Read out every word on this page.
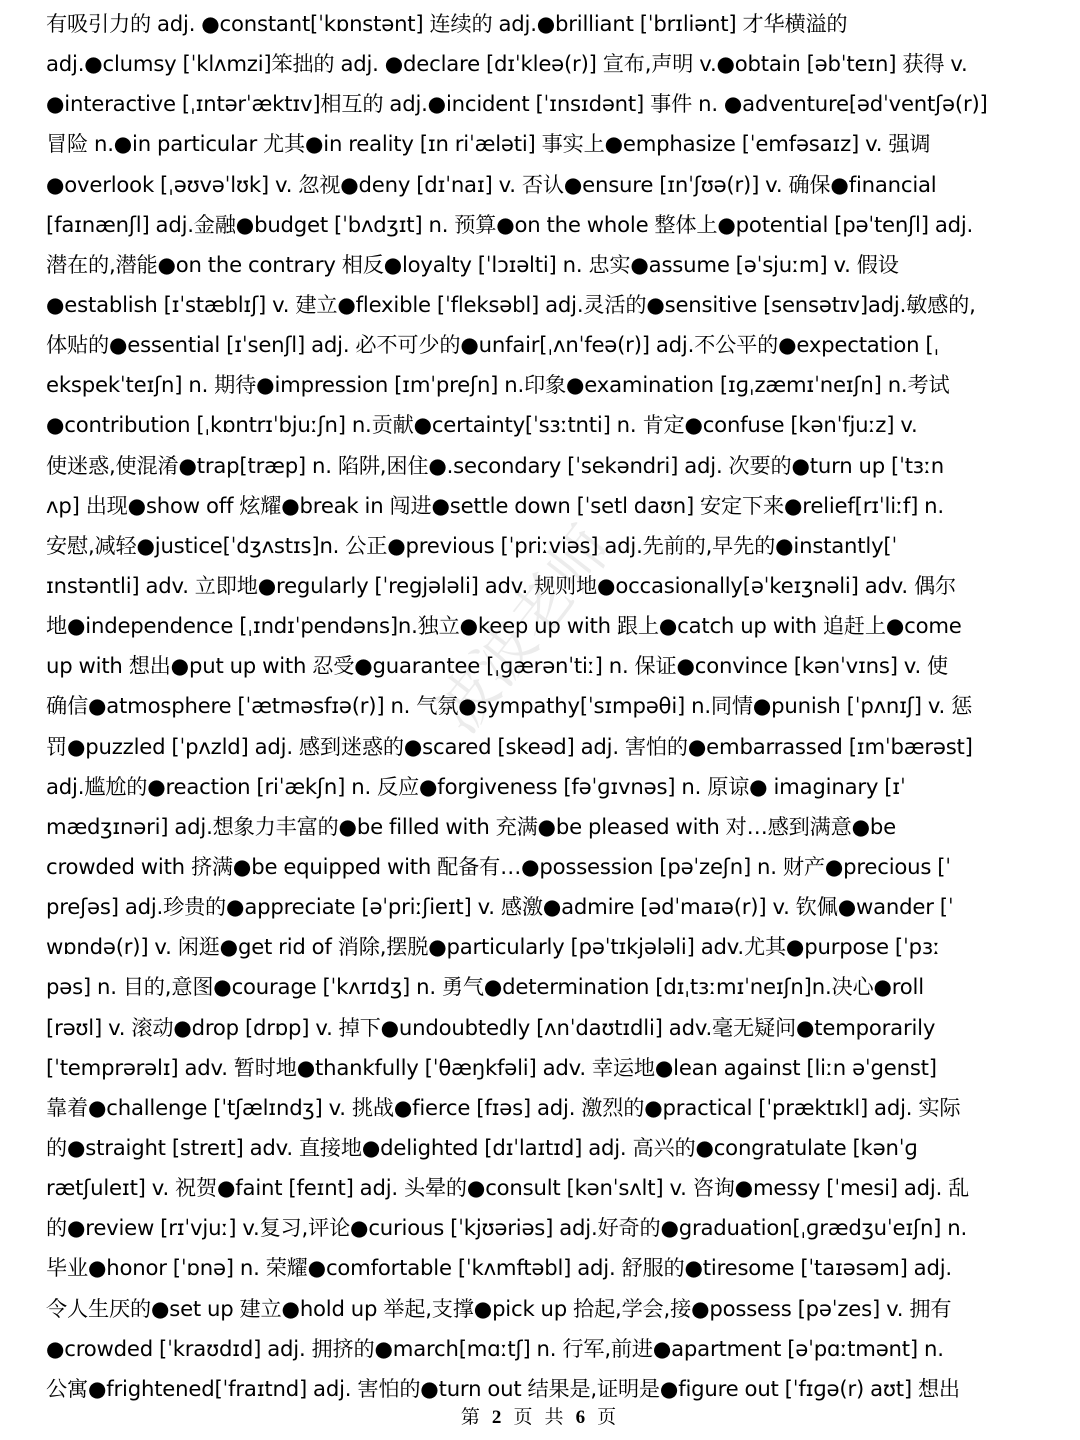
有吸引力的 adj. ●constant[ˈkɒnstənt] 连续的 adj.●brilliant [ˈbrɪliənt] 才华横溢的
adj.●clumsy [ˈklʌmzi]笨拙的 adj. ●declare [dɪˈkleə(r)] 宣布,声明 v.●obtain [əbˈteɪn] 获得 v.
●interactive [ˌɪntərˈæktɪv]相互的 adj.●incident [ˈɪnsɪdənt] 事件 n. ●adventure[ədˈventʃə(r)]
冒险 n.●in particular 尤其●in reality [ɪn riˈæləti] 事实上●emphasize [ˈemfəsaɪz] v. 强调
●overlook [ˌəʊvəˈlʊk] v. 忽视●deny [dɪˈnaɪ] v. 否认●ensure [ɪnˈʃʊə(r)] v. 确保●financial
[faɪnænʃl] adj.金融●budget [ˈbʌdʒɪt] n. 预算●on the whole 整体上●potential [pəˈtenʃl] adj.
潜在的,潜能●on the contrary 相反●loyalty [ˈlɔɪəlti] n. 忠实●assume [əˈsjuːm] v. 假设
●establish [ɪˈstæblɪʃ] v. 建立●flexible [ˈfleksəbl] adj.灵活的●sensitive [sensətɪv]adj.敏感的,
体贴的●essential [ɪˈsenʃl] adj. 必不可少的●unfair[ˌʌnˈfeə(r)] adj.不公平的●expectation [ˌ
ekspekˈteɪʃn] n. 期待●impression [ɪmˈpreʃn] n.印象●examination [ɪɡˌzæmɪˈneɪʃn] n.考试
●contribution [ˌkɒntrɪˈbjuːʃn] n.贡献●certainty[ˈsɜːtnti] n. 肯定●confuse [kənˈfjuːz] v.
使迷惑,使混淆●trap[træp] n. 陷阱,困住●.secondary [ˈsekəndri] adj. 次要的●turn up [ˈtɜːn
ʌp] 出现●show off 炫耀●break in 闯进●settle down [ˈsetl daʊn] 安定下来●relief[rɪˈliːf] n.
安慰,减轻●justice[ˈdʒʌstɪs]n. 公正●previous [ˈpriːviəs] adj.先前的,早先的●instantly[ˈ
ɪnstəntli] adv. 立即地●regularly [ˈregjələli] adv. 规则地●occasionally[əˈkeɪʒnəli] adv. 偶尔
地●independence [ˌɪndɪˈpendəns]n.独立●keep up with 跟上●catch up with 追赶上●come
up with 想出●put up with 忍受●guarantee [ˌɡærənˈtiː] n. 保证●convince [kənˈvɪns] v. 使
确信●atmosphere [ˈætməsfɪə(r)] n. 气氛●sympathy[ˈsɪmpəθi] n.同情●punish [ˈpʌnɪʃ] v. 惩
罚●puzzled [ˈpʌzld] adj. 感到迷惑的●scared [skeəd] adj. 害怕的●embarrassed [ɪmˈbærəst]
adj.尴尬的●reaction [riˈækʃn] n. 反应●forgiveness [fəˈɡɪvnəs] n. 原谅● imaginary [ɪˈ
mædʒɪnəri] adj.想象力丰富的●be filled with 充满●be pleased with 对…感到满意●be
crowded with 挤满●be equipped with 配备有…●possession [pəˈzeʃn] n. 财产●precious [ˈ
preʃəs] adj.珍贵的●appreciate [əˈpriːʃieɪt] v. 感激●admire [ədˈmaɪə(r)] v. 钦佩●wander [ˈ
wɒndə(r)] v. 闲逛●get rid of 消除,摆脱●particularly [pəˈtɪkjələli] adv.尤其●purpose [ˈpɜː
pəs] n. 目的,意图●courage [ˈkʌrɪdʒ] n. 勇气●determination [dɪˌtɜːmɪˈneɪʃn]n.决心●roll
[rəʊl] v. 滚动●drop [drɒp] v. 掉下●undoubtedly [ʌnˈdaʊtɪdli] adv.毫无疑问●temporarily
[ˈtemprərəlɪ] adv. 暂时地●thankfully [ˈθæŋkfəli] adv. 幸运地●lean against [liːn əˈgenst]
靠着●challenge [ˈtʃælɪndʒ] v. 挑战●fierce [fɪəs] adj. 激烈的●practical [ˈpræktɪkl] adj. 实际
的●straight [streɪt] adv. 直接地●delighted [dɪˈlaɪtɪd] adj. 高兴的●congratulate [kənˈɡ
rætʃuleɪt] v. 祝贺●faint [feɪnt] adj. 头晕的●consult [kənˈsʌlt] v. 咨询●messy [ˈmesi] adj. 乱
的●review [rɪˈvjuː] v.复习,评论●curious [ˈkjʊəriəs] adj.好奇的●graduation[ˌɡrædʒuˈeɪʃn] n.
毕业●honor [ˈɒnə] n. 荣耀●comfortable [ˈkʌmftəbl] adj. 舒服的●tiresome [ˈtaɪəsəm] adj.
令人生厌的●set up 建立●hold up 举起,支撑●pick up 拾起,学会,接●possess [pəˈzes] v. 拥有
●crowded [ˈkraʊdɪd] adj. 拥挤的●march[mɑːtʃ] n. 行军,前进●apartment [əˈpɑːtmənt] n.
公寓●frightened[ˈfraɪtnd] adj. 害怕的●turn out 结果是,证明是●figure out [ˈfɪɡə(r) aʊt] 想出
波波老师
第 2 页 共 6 页
